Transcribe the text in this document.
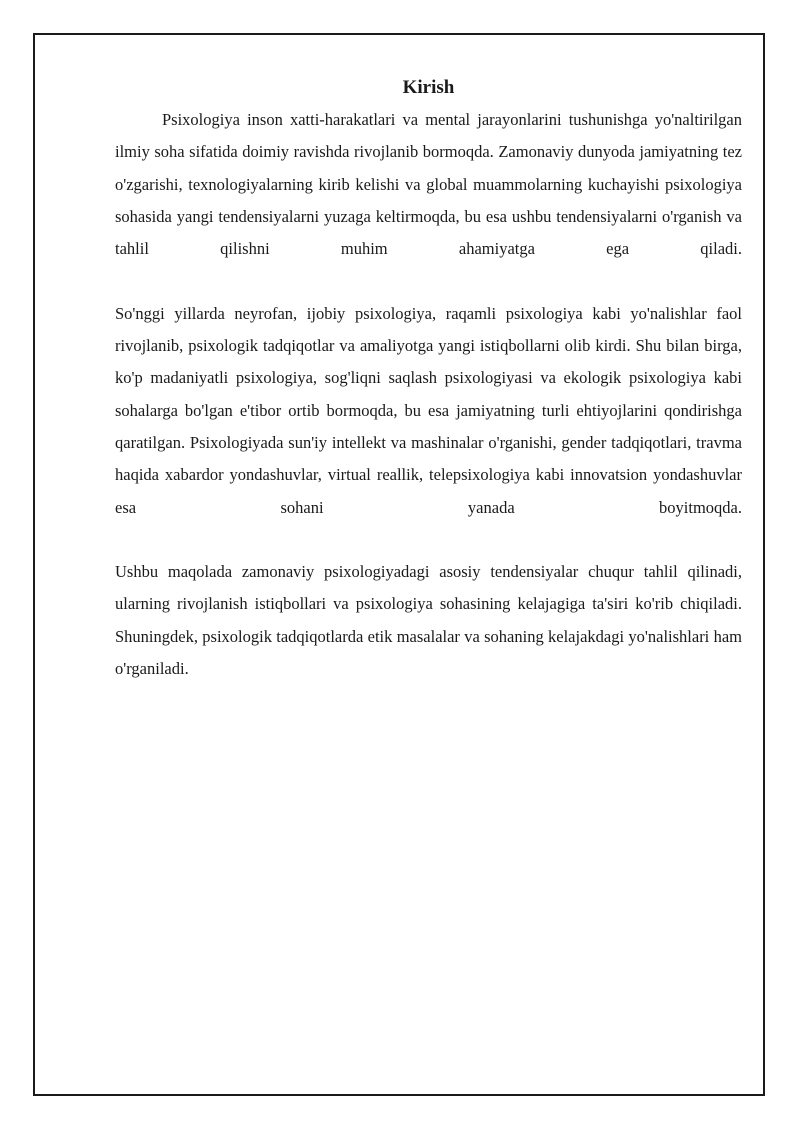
Kirish

Psixologiya inson xatti-harakatlari va mental jarayonlarini tushunishga yo'naltirilgan ilmiy soha sifatida doimiy ravishda rivojlanib bormoqda. Zamonaviy dunyoda jamiyatning tez o'zgarishi, texnologiyalarning kirib kelishi va global muammolarning kuchayishi psixologiya sohasida yangi tendensiyalarni yuzaga keltirmoqda, bu esa ushbu tendensiyalarni o'rganish va tahlil qilishni muhim ahamiyatga ega qiladi.

So'nggi yillarda neyrofan, ijobiy psixologiya, raqamli psixologiya kabi yo'nalishlar faol rivojlanib, psixologik tadqiqotlar va amaliyotga yangi istiqbollarni olib kirdi. Shu bilan birga, ko'p madaniyatli psixologiya, sog'liqni saqlash psixologiyasi va ekologik psixologiya kabi sohalarga bo'lgan e'tibor ortib bormoqda, bu esa jamiyatning turli ehtiyojlarini qondirishga qaratilgan. Psixologiyada sun'iy intellekt va mashinalar o'rganishi, gender tadqiqotlari, travma haqida xabardor yondashuvlar, virtual reallik, telepsixologiya kabi innovatsion yondashuvlar esa sohani yanada boyitmoqda.

Ushbu maqolada zamonaviy psixologiyadagi asosiy tendensiyalar chuqur tahlil qilinadi, ularning rivojlanish istiqbollari va psixologiya sohasining kelajagiga ta'siri ko'rib chiqiladi. Shuningdek, psixologik tadqiqotlarda etik masalalar va sohaning kelajakdagi yo'nalishlari ham o'rganiladi.
